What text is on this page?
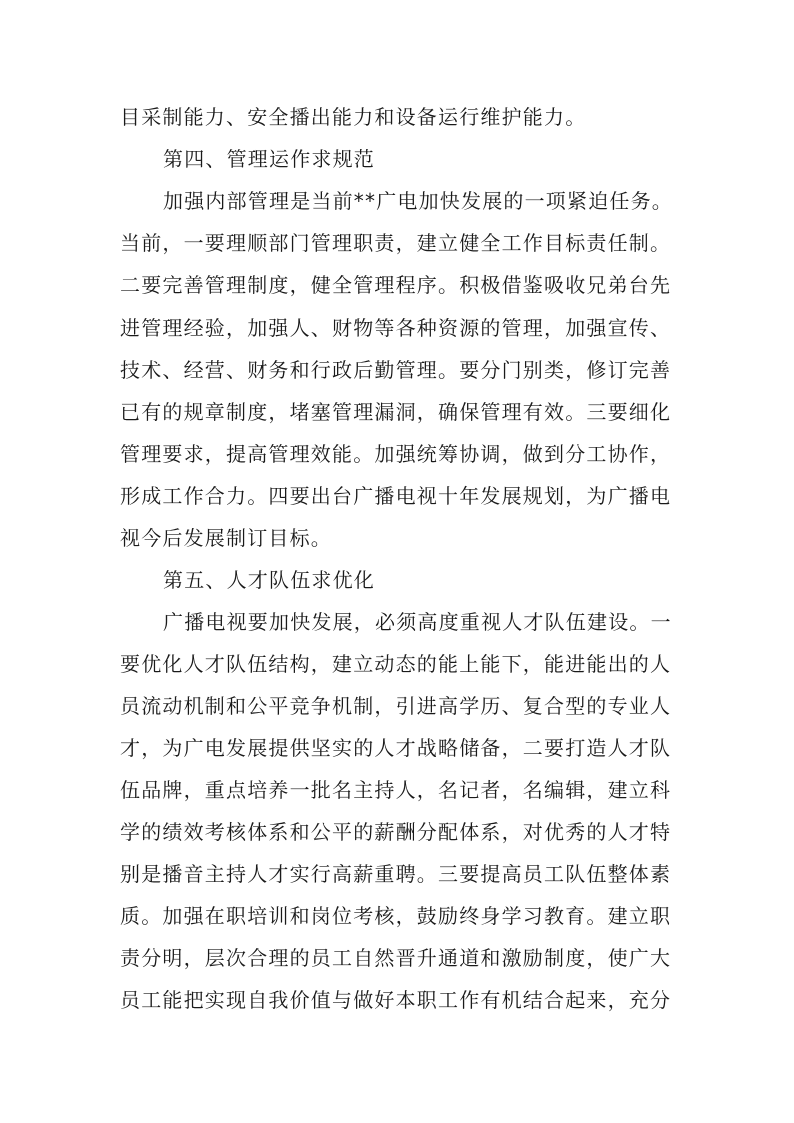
目采制能力、安全播出能力和设备运行维护能力。

第四、管理运作求规范

加强内部管理是当前**广电加快发展的一项紧迫任务。

当前，一要理顺部门管理职责，建立健全工作目标责任制。

二要完善管理制度，健全管理程序。积极借鉴吸收兄弟台先

进管理经验，加强人、财物等各种资源的管理，加强宣传、

技术、经营、财务和行政后勤管理。要分门别类，修订完善

已有的规章制度，堵塞管理漏洞，确保管理有效。三要细化

管理要求，提高管理效能。加强统筹协调，做到分工协作，

形成工作合力。四要出台广播电视十年发展规划，为广播电

视今后发展制订目标。

第五、人才队伍求优化

广播电视要加快发展，必须高度重视人才队伍建设。一

要优化人才队伍结构，建立动态的能上能下，能进能出的人

员流动机制和公平竞争机制，引进高学历、复合型的专业人

才，为广电发展提供坚实的人才战略储备，二要打造人才队

伍品牌，重点培养一批名主持人，名记者，名编辑，建立科

学的绩效考核体系和公平的薪酬分配体系，对优秀的人才特

别是播音主持人才实行高薪重聘。三要提高员工队伍整体素

质。加强在职培训和岗位考核，鼓励终身学习教育。建立职

责分明，层次合理的员工自然晋升通道和激励制度，使广大

员工能把实现自我价值与做好本职工作有机结合起来，充分
